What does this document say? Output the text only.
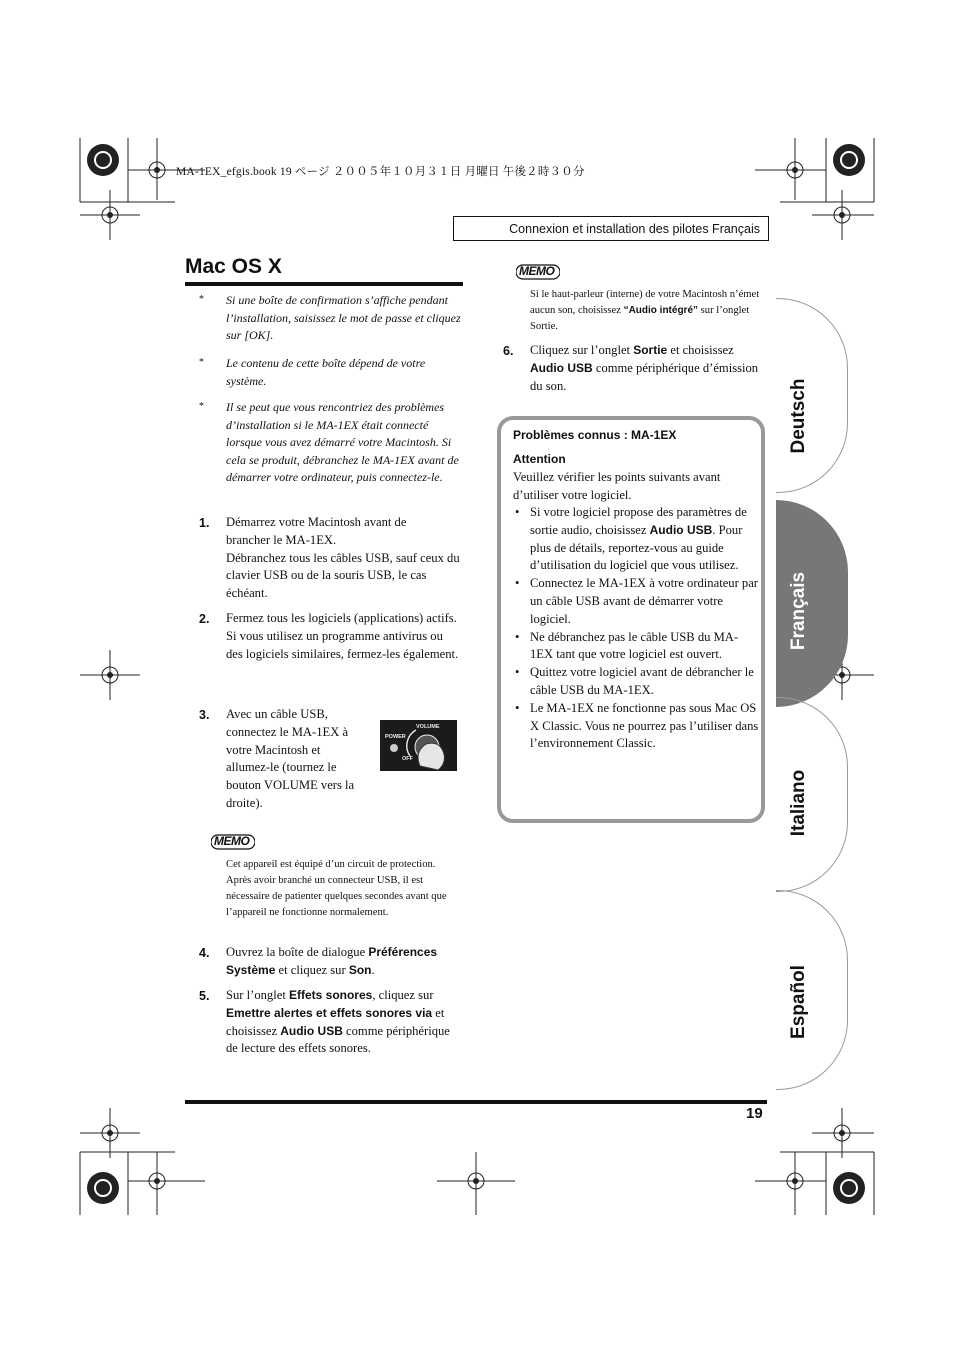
MA-1EX_efgis.book 19 ページ ２００５年１０月３１日 月曜日 午後２時３０分
Connexion et installation des pilotes Français
Mac OS X
* Si une boîte de confirmation s’affiche pendant l’installation, saisissez le mot de passe et cliquez sur [OK].
* Le contenu de cette boîte dépend de votre système.
* Il se peut que vous rencontriez des problèmes d’installation si le MA-1EX était connecté lorsque vous avez démarré votre Macintosh. Si cela se produit, débranchez le MA-1EX avant de démarrer votre ordinateur, puis connectez-le.
1. Démarrez votre Macintosh avant de brancher le MA-1EX.
Débranchez tous les câbles USB, sauf ceux du clavier USB ou de la souris USB, le cas échéant.
2. Fermez tous les logiciels (applications) actifs.
Si vous utilisez un programme antivirus ou des logiciels similaires, fermez-les également.
3. Avec un câble USB, connectez le MA-1EX à votre Macintosh et allumez-le (tournez le bouton VOLUME vers la droite).
POWER
VOLUME
OFF
MEMO
Cet appareil est équipé d’un circuit de protection. Après avoir branché un connecteur USB, il est nécessaire de patienter quelques secondes avant que l’appareil ne fonctionne normalement.
4. Ouvrez la boîte de dialogue Préférences Système et cliquez sur Son.
5. Sur l’onglet Effets sonores, cliquez sur Emettre alertes et effets sonores via et choisissez Audio USB comme périphérique de lecture des effets sonores.
MEMO
Si le haut-parleur (interne) de votre Macintosh n’émet aucun son, choisissez “Audio intégré” sur l’onglet Sortie.
6. Cliquez sur l’onglet Sortie et choisissez Audio USB comme périphérique d’émission du son.
Problèmes connus : MA-1EX
Attention
Veuillez vérifier les points suivants avant d’utiliser votre logiciel.
• Si votre logiciel propose des paramètres de sortie audio, choisissez Audio USB. Pour plus de détails, reportez-vous au guide d’utilisation du logiciel que vous utilisez.
• Connectez le MA-1EX à votre ordinateur par un câble USB avant de démarrer votre logiciel.
• Ne débranchez pas le câble USB du MA-1EX tant que votre logiciel est ouvert.
• Quittez votre logiciel avant de débrancher le câble USB du MA-1EX.
• Le MA-1EX ne fonctionne pas sous Mac OS X Classic. Vous ne pourrez pas l’utiliser dans l’environnement Classic.
Deutsch
Français
Italiano
Español
19
